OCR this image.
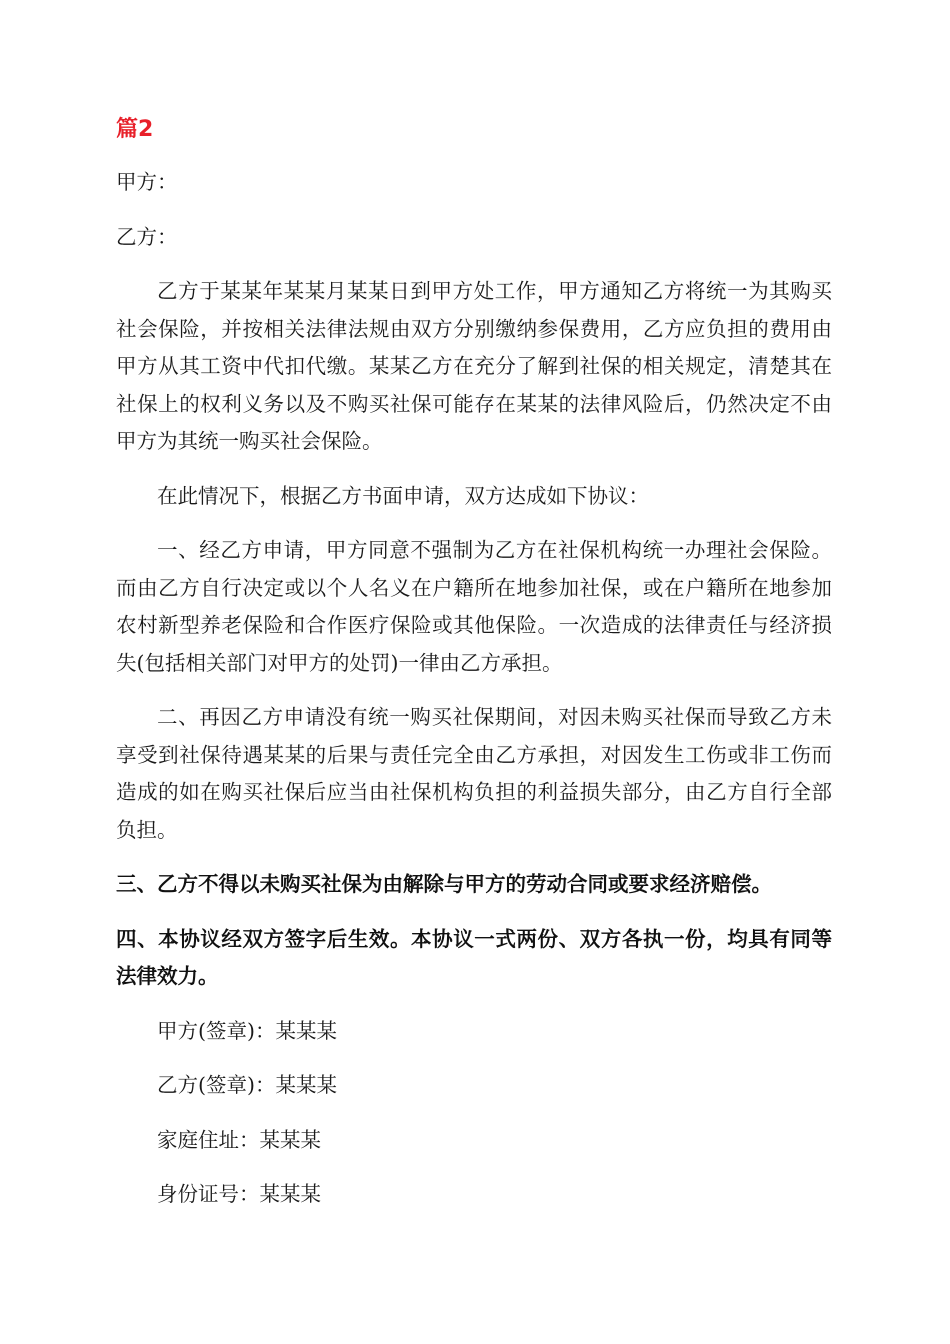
篇2

甲方：

乙方：

乙方于某某年某某月某某日到甲方处工作，甲方通知乙方将统一为其购买社会保险，并按相关法律法规由双方分别缴纳参保费用，乙方应负担的费用由甲方从其工资中代扣代缴。某某乙方在充分了解到社保的相关规定，清楚其在社保上的权利义务以及不购买社保可能存在某某的法律风险后，仍然决定不由甲方为其统一购买社会保险。

在此情况下，根据乙方书面申请，双方达成如下协议：

一、经乙方申请，甲方同意不强制为乙方在社保机构统一办理社会保险。而由乙方自行决定或以个人名义在户籍所在地参加社保，或在户籍所在地参加农村新型养老保险和合作医疗保险或其他保险。一次造成的法律责任与经济损失(包括相关部门对甲方的处罚)一律由乙方承担。

二、再因乙方申请没有统一购买社保期间，对因未购买社保而导致乙方未享受到社保待遇某某的后果与责任完全由乙方承担，对因发生工伤或非工伤而造成的如在购买社保后应当由社保机构负担的利益损失部分，由乙方自行全部负担。

三、乙方不得以未购买社保为由解除与甲方的劳动合同或要求经济赔偿。

四、本协议经双方签字后生效。本协议一式两份、双方各执一份，均具有同等法律效力。

甲方(签章)：某某某
乙方(签章)：某某某
家庭住址：某某某
身份证号：某某某
